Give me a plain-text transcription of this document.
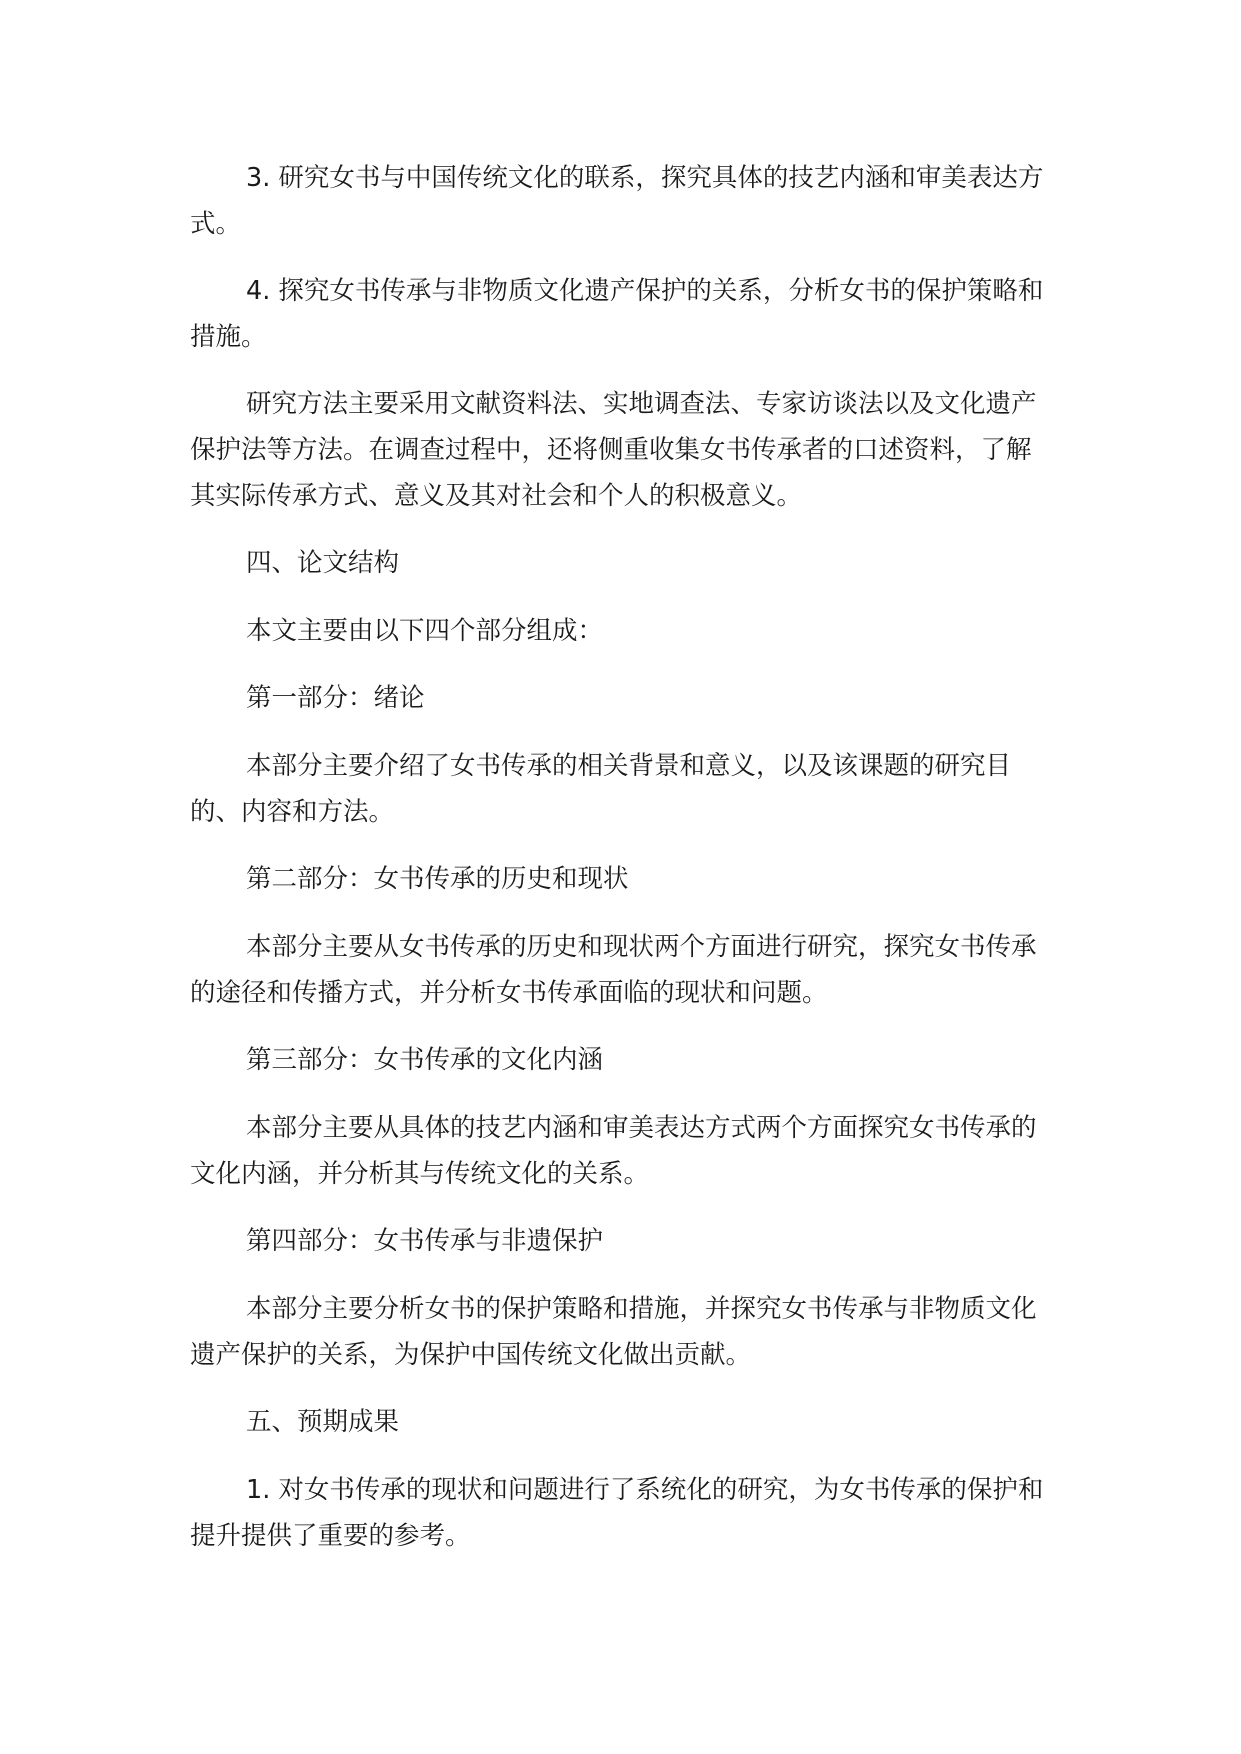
3. 研究女书与中国传统文化的联系，探究具体的技艺内涵和审美表达方式。

4. 探究女书传承与非物质文化遗产保护的关系，分析女书的保护策略和措施。

研究方法主要采用文献资料法、实地调查法、专家访谈法以及文化遗产保护法等方法。在调查过程中，还将侧重收集女书传承者的口述资料，了解其实际传承方式、意义及其对社会和个人的积极意义。

四、论文结构

本文主要由以下四个部分组成：

第一部分：绪论

本部分主要介绍了女书传承的相关背景和意义，以及该课题的研究目的、内容和方法。

第二部分：女书传承的历史和现状

本部分主要从女书传承的历史和现状两个方面进行研究，探究女书传承的途径和传播方式，并分析女书传承面临的现状和问题。

第三部分：女书传承的文化内涵

本部分主要从具体的技艺内涵和审美表达方式两个方面探究女书传承的文化内涵，并分析其与传统文化的关系。

第四部分：女书传承与非遗保护

本部分主要分析女书的保护策略和措施，并探究女书传承与非物质文化遗产保护的关系，为保护中国传统文化做出贡献。

五、预期成果

1. 对女书传承的现状和问题进行了系统化的研究，为女书传承的保护和提升提供了重要的参考。
